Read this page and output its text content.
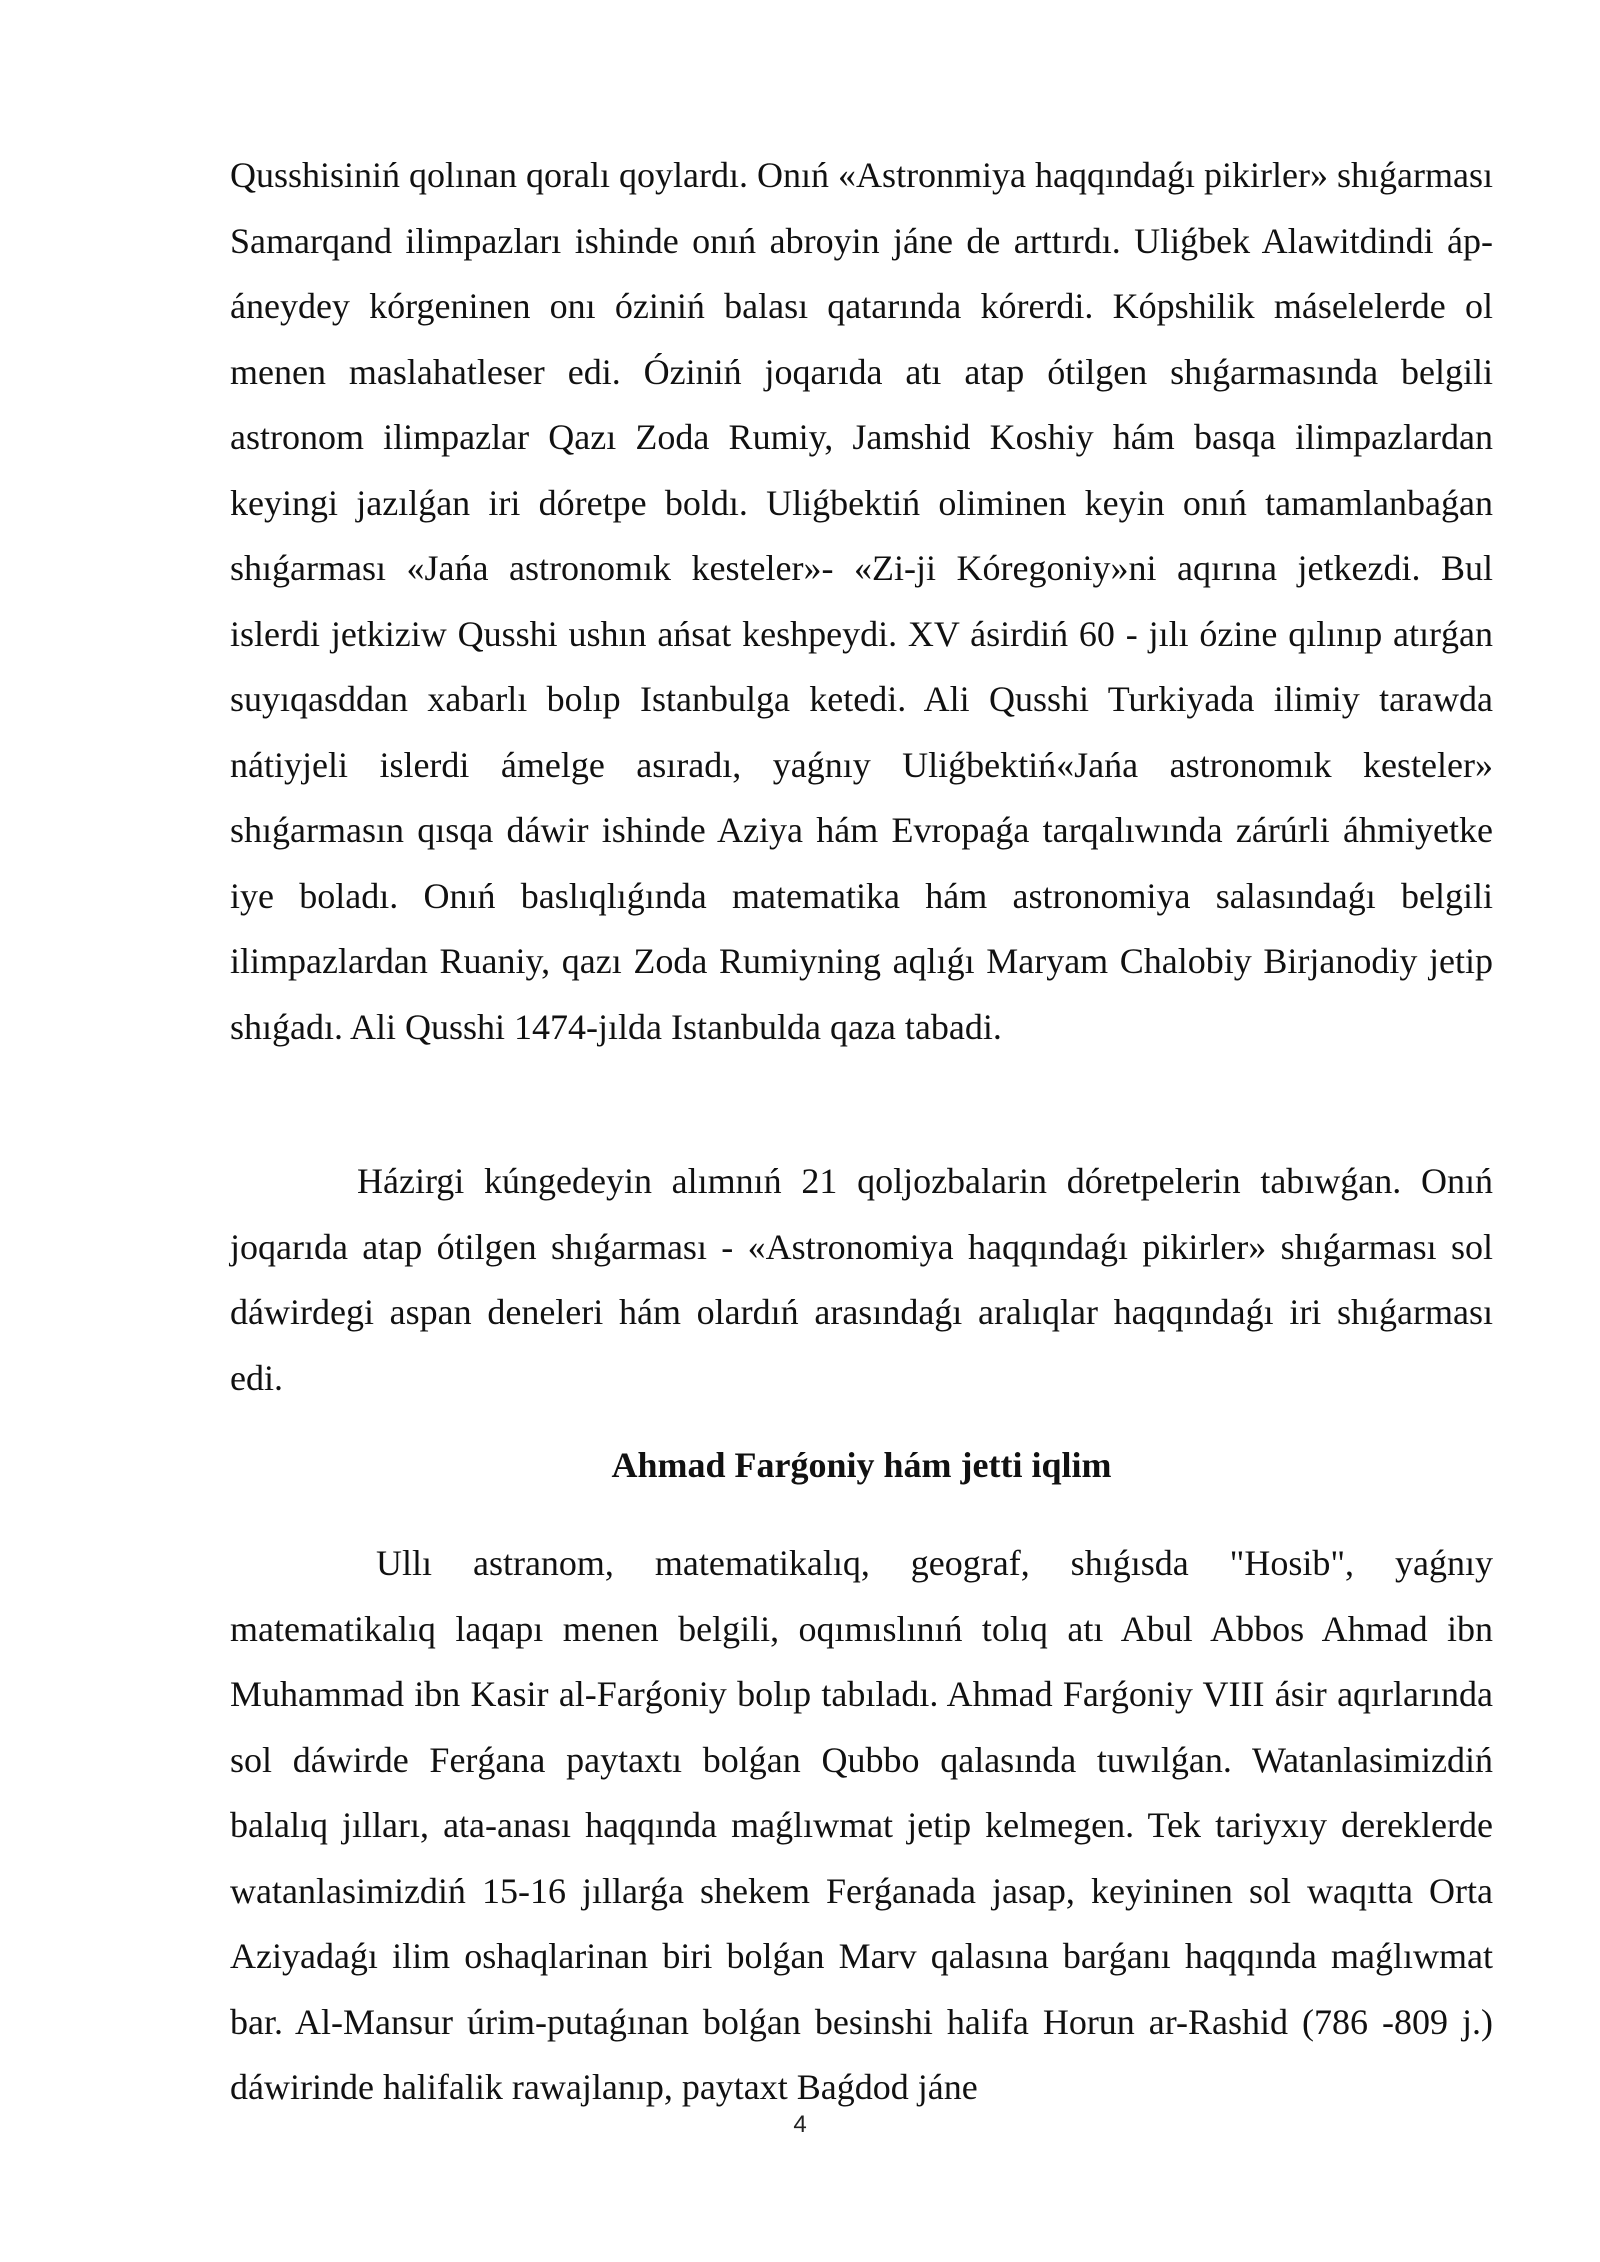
Qusshisiniń qolınan qoralı qoylardı. Onıń «Astronmiya haqqındaǵı pikirler» shıǵarması Samarqand ilimpazları ishinde onıń abroyin jáne de arttırdı. Uliǵbek Alawitdindi áp-áneydey kórgeninen onı óziniń balası qatarında kórerdi. Kópshilik máselelerde ol menen maslahatleser edi. Óziniń joqarıda atı atap ótilgen shıǵarmasında belgili astronom ilimpazlar Qazı Zoda Rumiy, Jamshid Koshiy hám basqa ilimpazlardan keyingi jazılǵan iri dóretpe boldı. Uliǵbektiń oliminen keyin onıń tamamlanbaǵan shıǵarması «Jańa astronomık kesteler»- «Zi-ji Kóregoniy»ni aqırına jetkezdi. Bul islerdi jetkiziw Qusshi ushın ańsat keshpeydi. XV ásirdiń 60 - jılı ózine qılınıp atırǵan suyıqasddan xabarlı bolıp Istanbulga ketedi. Ali Qusshi Turkiyada ilimiy tarawda nátiyjeli islerdi ámelge asıradı, yaǵnıy Uliǵbektiń«Jańa astronomık kesteler» shıǵarmasın qısqa dáwir ishinde Aziya hám Evropaǵa tarqalıwında zárúrli áhmiyetke iye boladı. Onıń baslıqlıǵında matematika hám astronomiya salasındaǵı belgili ilimpazlardan Ruaniy, qazı Zoda Rumiyning aqlıǵı Maryam Chalobiy Birjanodiy jetip shıǵadı. Ali Qusshi 1474-jılda Istanbulda qaza tabadi.

Házirgi kúngedeyin alımnıń 21 qoljozbalarin dóretpelerin tabıwǵan. Onıń joqarıda atap ótilgen shıǵarması - «Astronomiya haqqındaǵı pikirler» shıǵarması sol dáwirdegi aspan deneleri hám olardıń arasındaǵı aralıqlar haqqındaǵı iri shıǵarması edi.

Ahmad Farǵoniy hám jetti iqlim

Ullı astranom, matematikalıq, geograf, shıǵısda "Hosib", yaǵnıy matematikalıq laqapı menen belgili, oqımıslınıń tolıq atı Abul Abbos Ahmad ibn Muhammad ibn Kasir al-Farǵoniy bolıp tabıladı. Ahmad Farǵoniy VIII ásir aqırlarında sol dáwirde Ferǵana paytaxtı bolǵan Qubbo qalasında tuwılǵan. Watanlasimizdiń balalıq jılları, ata-anası haqqında maǵlıwmat jetip kelmegen. Tek tariyxıy dereklerde watanlasimizdiń 15-16 jıllarǵa shekem Ferǵanada jasap, keyininen sol waqıtta Orta Aziyadaǵı ilim oshaqlarinan biri bolǵan Marv qalasına barǵanı haqqında maǵlıwmat bar. Al-Mansur úrim-putaǵınan bolǵan besinshi halifa Horun ar-Rashid (786 -809 j.) dáwirinde halifalik rawajlanıp, paytaxt Baǵdod jáne

4
